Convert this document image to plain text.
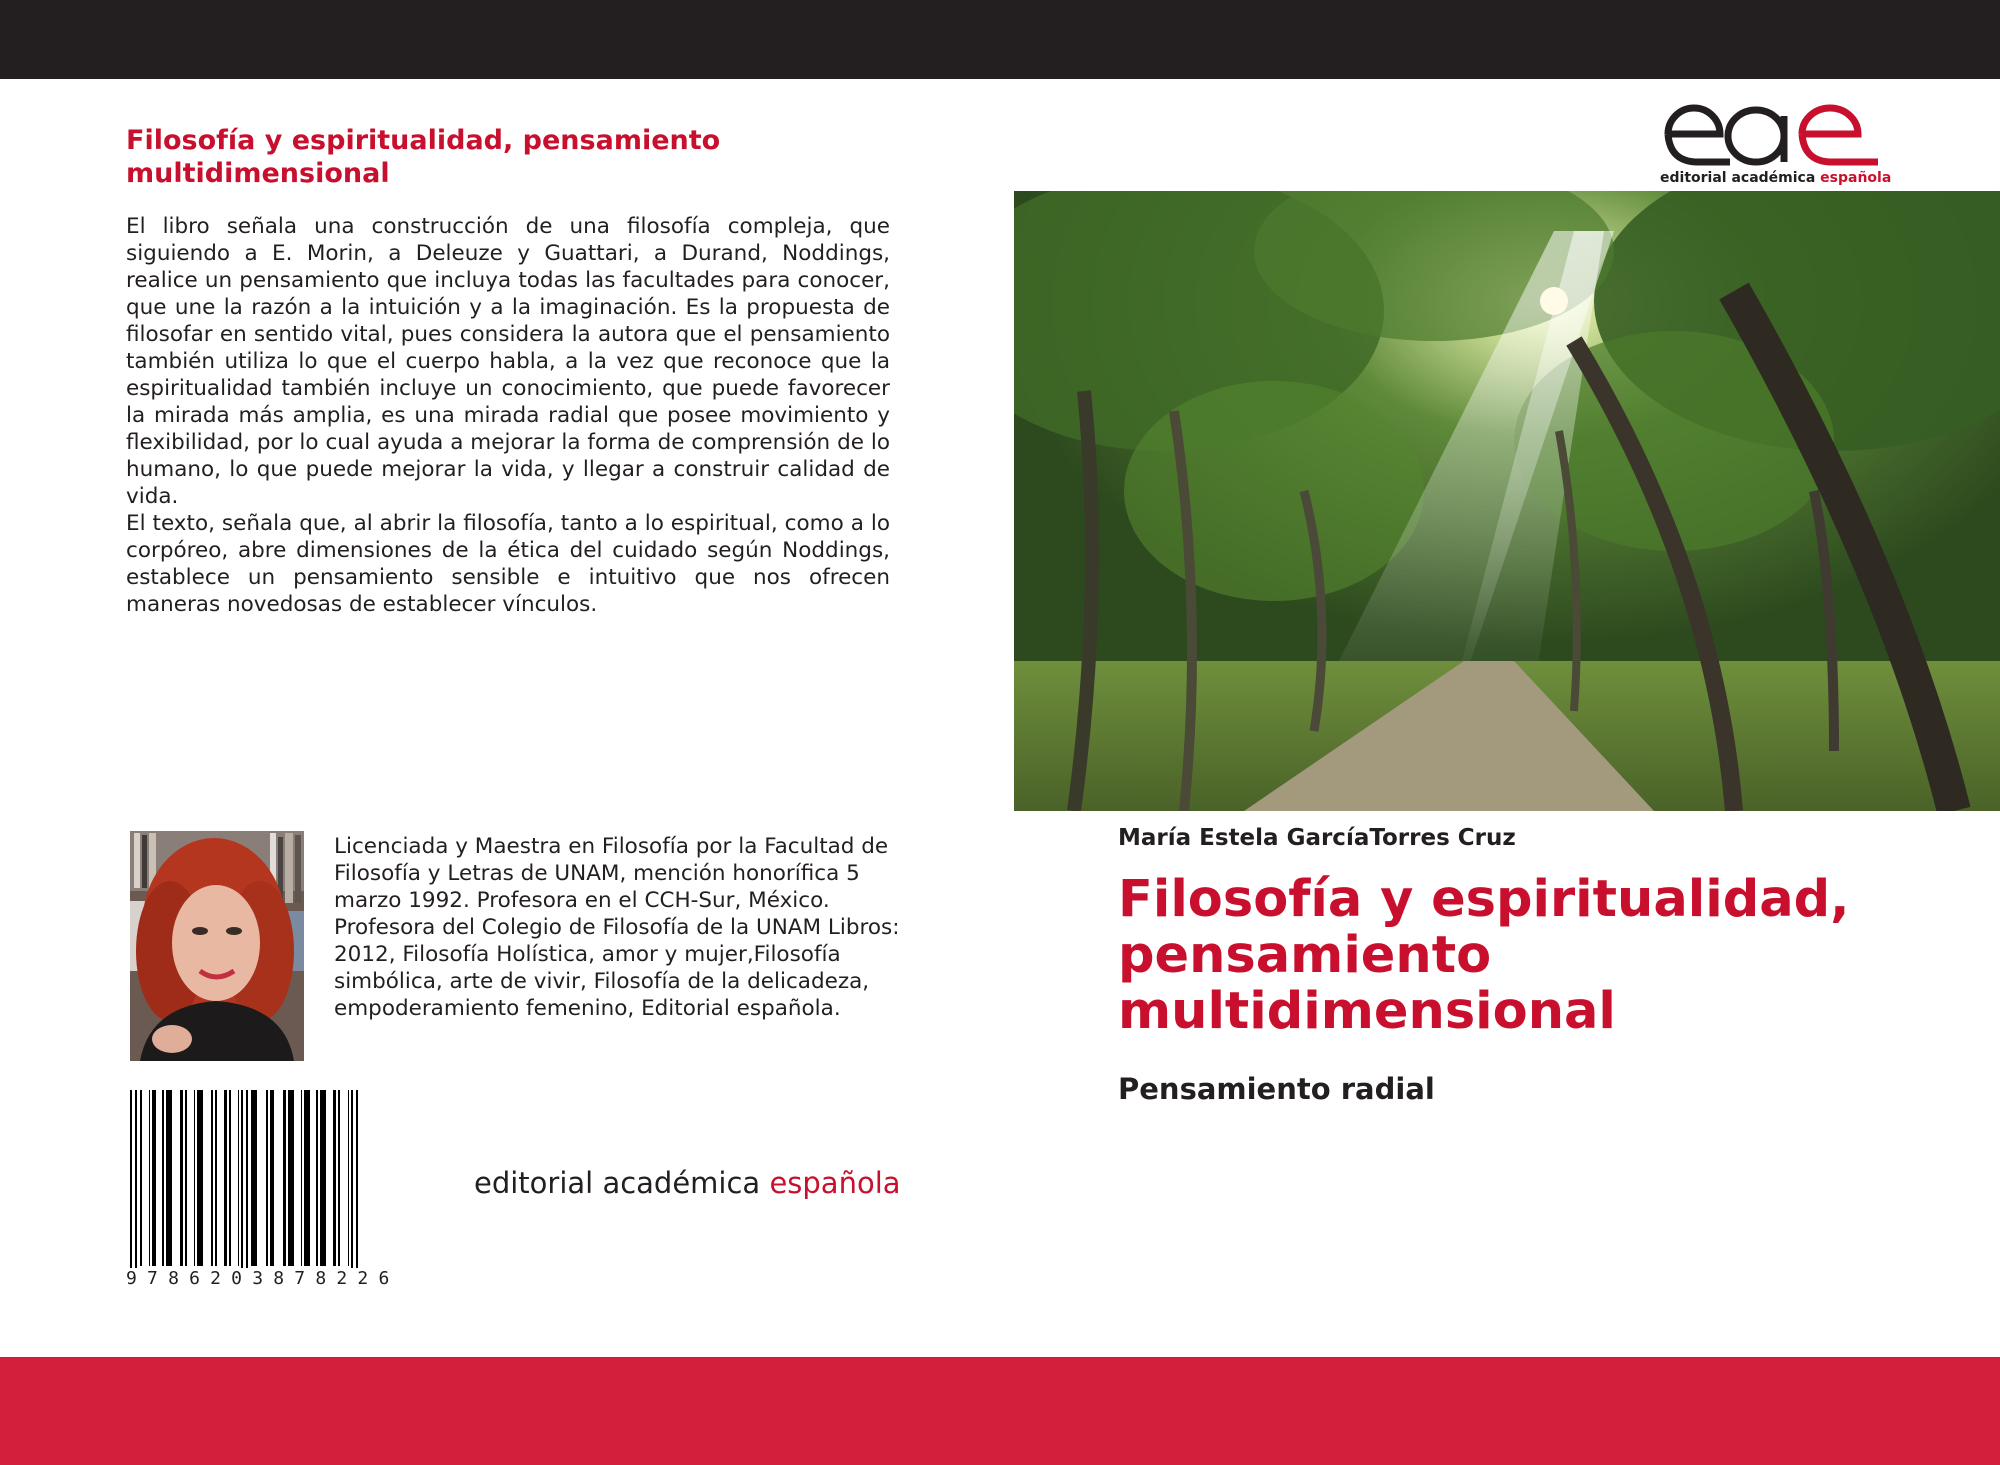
Filosofía y espiritualidad, pensamiento multidimensional

El libro señala una construcción de una filosofía compleja, que siguiendo a E. Morin, a Deleuze y Guattari, a Durand, Noddings, realice un pensamiento que incluya todas las facultades para conocer, que une la razón a la intuición y a la imaginación. Es la propuesta de filosofar en sentido vital, pues considera la autora que el pensamiento también utiliza lo que el cuerpo habla, a la vez que reconoce que la espiritualidad también incluye un conocimiento, que puede favorecer la mirada más amplia, es una mirada radial que posee movimiento y flexibilidad, por lo cual ayuda a mejorar la forma de comprensión de lo humano, lo que puede mejorar la vida, y llegar a construir calidad de vida.

El texto, señala que, al abrir la filosofía, tanto a lo espiritual, como a lo corpóreo, abre dimensiones de la ética del cuidado según Noddings, establece un pensamiento sensible e intuitivo que nos ofrecen maneras novedosas de establecer vínculos.

Licenciada y Maestra en Filosofía por la Facultad de Filosofía y Letras de UNAM, mención honorífica 5 marzo 1992. Profesora en el CCH-Sur, México. Profesora del Colegio de Filosofía de la UNAM Libros: 2012, Filosofía Holística, amor y mujer,Filosofía simbólica, arte de vivir, Filosofía de la delicadeza, empoderamiento femenino, Editorial española.

9786203878226
editorial académica española
editorial académica española
María Estela GarcíaTorres Cruz
Filosofía y espiritualidad, pensamiento multidimensional
Pensamiento radial
